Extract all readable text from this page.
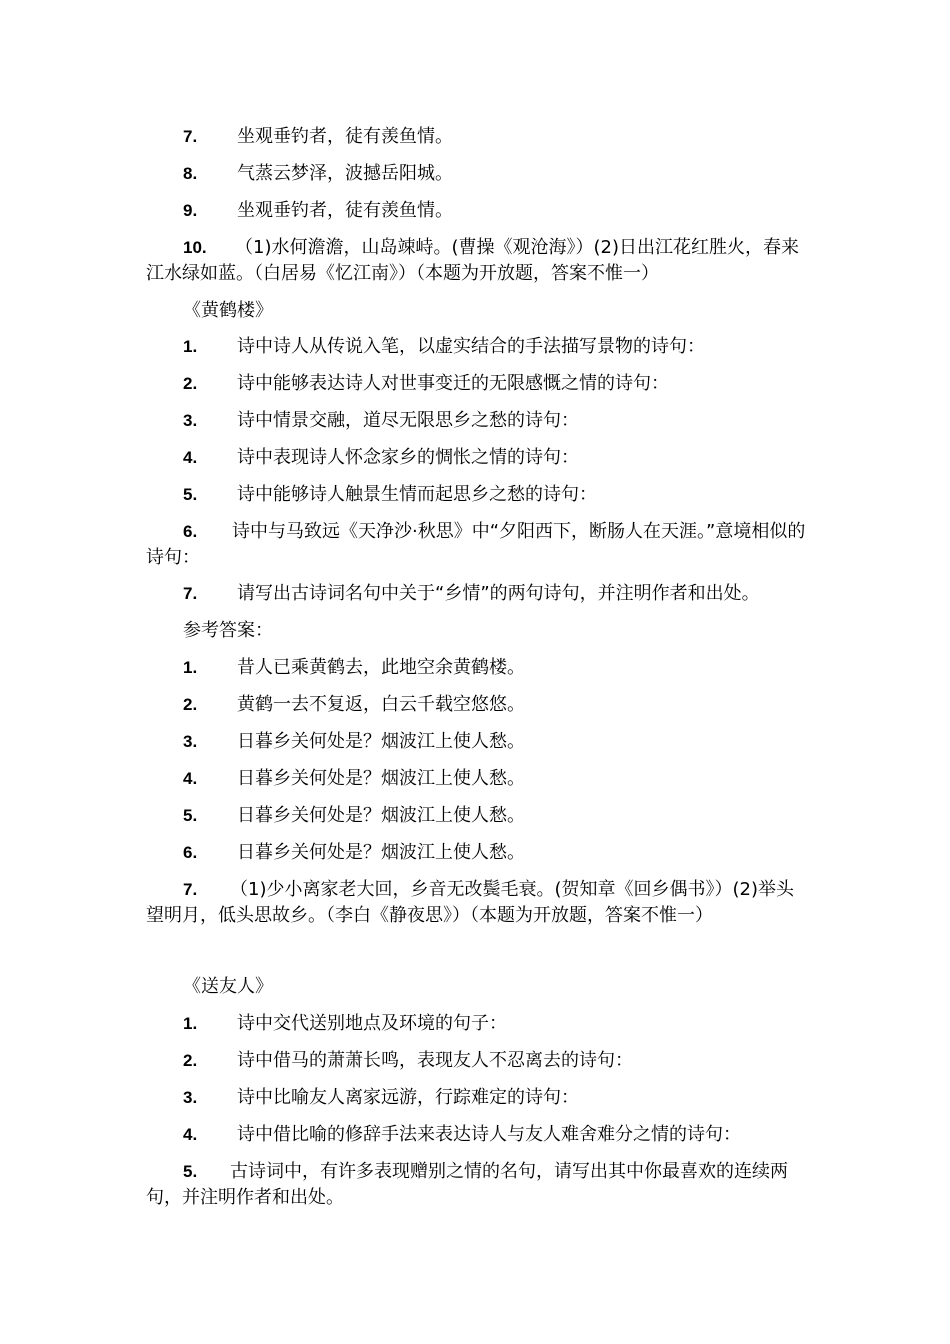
7. 坐观垂钓者，徒有羡鱼情。
8. 气蒸云梦泽，波撼岳阳城。
9. 坐观垂钓者，徒有羡鱼情。
10. （1)水何澹澹，山岛竦峙。(曹操《观沧海》）(2)日出江花红胜火，春来江水绿如蓝。（白居易《忆江南》）（本题为开放题，答案不惟一）
《黄鹤楼》
1. 诗中诗人从传说入笔，以虚实结合的手法描写景物的诗句：
2. 诗中能够表达诗人对世事变迁的无限感慨之情的诗句：
3. 诗中情景交融，道尽无限思乡之愁的诗句：
4. 诗中表现诗人怀念家乡的惆怅之情的诗句：
5. 诗中能够诗人触景生情而起思乡之愁的诗句：
6. 诗中与马致远《天净沙·秋思》中“夕阳西下，断肠人在天涯。”意境相似的诗句：
7. 请写出古诗词名句中关于“乡情”的两句诗句，并注明作者和出处。
参考答案：
1. 昔人已乘黄鹤去，此地空余黄鹤楼。
2. 黄鹤一去不复返，白云千载空悠悠。
3. 日暮乡关何处是？烟波江上使人愁。
4. 日暮乡关何处是？烟波江上使人愁。
5. 日暮乡关何处是？烟波江上使人愁。
6. 日暮乡关何处是？烟波江上使人愁。
7. （1)少小离家老大回，乡音无改鬓毛衰。(贺知章《回乡偶书》）(2)举头望明月，低头思故乡。（李白《静夜思》）（本题为开放题，答案不惟一）
《送友人》
1. 诗中交代送别地点及环境的句子：
2. 诗中借马的萧萧长鸣，表现友人不忍离去的诗句：
3. 诗中比喻友人离家远游，行踪难定的诗句：
4. 诗中借比喻的修辞手法来表达诗人与友人难舍难分之情的诗句：
5. 古诗词中，有许多表现赠别之情的名句，请写出其中你最喜欢的连续两句，并注明作者和出处。
